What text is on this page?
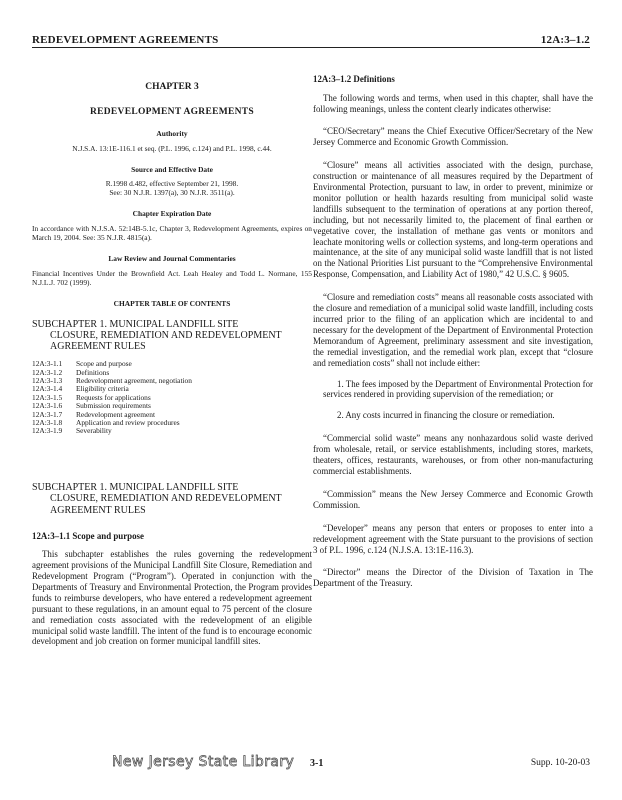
REDEVELOPMENT AGREEMENTS	12A:3–1.2
CHAPTER 3
REDEVELOPMENT AGREEMENTS
Authority
N.J.S.A. 13:1E-116.1 et seq. (P.L. 1996, c.124) and P.L. 1998, c.44.
Source and Effective Date
R.1998 d.482, effective September 21, 1998.
See: 30 N.J.R. 1397(a), 30 N.J.R. 3511(a).
Chapter Expiration Date
In accordance with N.J.S.A. 52:14B-5.1c, Chapter 3, Redevelopment Agreements, expires on March 19, 2004. See: 35 N.J.R. 4815(a).
Law Review and Journal Commentaries
Financial Incentives Under the Brownfield Act. Leah Healey and Todd L. Normane, 155 N.J.L.J. 702 (1999).
CHAPTER TABLE OF CONTENTS
SUBCHAPTER 1. MUNICIPAL LANDFILL SITE
CLOSURE, REMEDIATION AND REDEVELOPMENT AGREEMENT RULES
12A:3-1.1	Scope and purpose
12A:3-1.2	Definitions
12A:3-1.3	Redevelopment agreement, negotiation
12A:3-1.4	Eligibility criteria
12A:3-1.5	Requests for applications
12A:3-1.6	Submission requirements
12A:3-1.7	Redevelopment agreement
12A:3-1.8	Application and review procedures
12A:3-1.9	Severability
SUBCHAPTER 1. MUNICIPAL LANDFILL SITE
CLOSURE, REMEDIATION AND REDEVELOPMENT AGREEMENT RULES
12A:3–1.1 Scope and purpose
This subchapter establishes the rules governing the redevelopment agreement provisions of the Municipal Landfill Site Closure, Remediation and Redevelopment Program (“Program”). Operated in conjunction with the Departments of Treasury and Environmental Protection, the Program provides funds to reimburse developers, who have entered a redevelopment agreement pursuant to these regulations, in an amount equal to 75 percent of the closure and remediation costs associated with the redevelopment of an eligible municipal solid waste landfill. The intent of the fund is to encourage economic development and job creation on former municipal landfill sites.
12A:3–1.2 Definitions
The following words and terms, when used in this chapter, shall have the following meanings, unless the content clearly indicates otherwise:
“CEO/Secretary” means the Chief Executive Officer/Secretary of the New Jersey Commerce and Economic Growth Commission.
“Closure” means all activities associated with the design, purchase, construction or maintenance of all measures required by the Department of Environmental Protection, pursuant to law, in order to prevent, minimize or monitor pollution or health hazards resulting from municipal solid waste landfills subsequent to the termination of operations at any portion thereof, including, but not necessarily limited to, the placement of final earthen or vegetative cover, the installation of methane gas vents or monitors and leachate monitoring wells or collection systems, and long-term operations and maintenance, at the site of any municipal solid waste landfill that is not listed on the National Priorities List pursuant to the “Comprehensive Environmental Response, Compensation, and Liability Act of 1980,” 42 U.S.C. § 9605.
“Closure and remediation costs” means all reasonable costs associated with the closure and remediation of a municipal solid waste landfill, including costs incurred prior to the filing of an application which are incidental to and necessary for the development of the Department of Environmental Protection Memorandum of Agreement, preliminary assessment and site investigation, the remedial investigation, and the remedial work plan, except that “closure and remediation costs” shall not include either:
1. The fees imposed by the Department of Environmental Protection for services rendered in providing supervision of the remediation; or
2. Any costs incurred in financing the closure or remediation.
“Commercial solid waste” means any nonhazardous solid waste derived from wholesale, retail, or service establishments, including stores, markets, theaters, offices, restaurants, warehouses, or from other non-manufacturing commercial establishments.
“Commission” means the New Jersey Commerce and Economic Growth Commission.
“Developer” means any person that enters or proposes to enter into a redevelopment agreement with the State pursuant to the provisions of section 3 of P.L. 1996, c.124 (N.J.S.A. 13:1E-116.3).
“Director” means the Director of the Division of Taxation in The Department of the Treasury.
New Jersey State Library 3-1	Supp. 10-20-03
